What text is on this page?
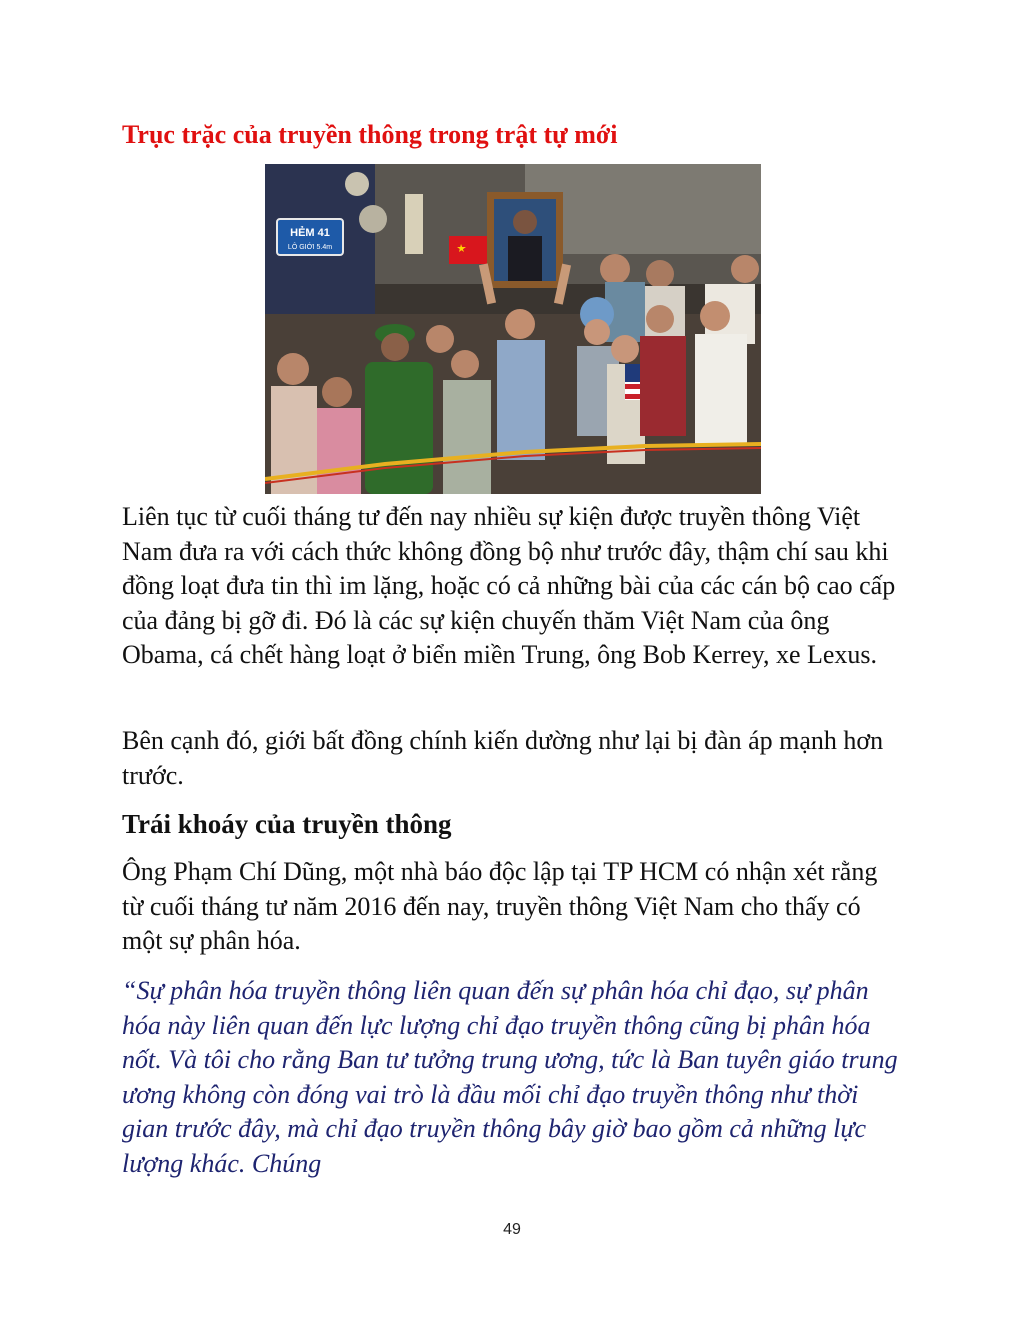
Trục trặc của truyền thông trong trật tự mới
HẺM 41
LÔ GIỚI 5.4m

Liên tục từ cuối tháng tư đến nay nhiều sự kiện được truyền thông Việt Nam đưa ra với cách thức không đồng bộ như trước đây, thậm chí sau khi đồng loạt đưa tin thì im lặng, hoặc có cả những bài của các cán bộ cao cấp của đảng bị gỡ đi. Đó là các sự kiện chuyến thăm Việt Nam của ông Obama, cá chết hàng loạt ở biển miền Trung, ông Bob Kerrey, xe Lexus.

Bên cạnh đó, giới bất đồng chính kiến dường như lại bị đàn áp mạnh hơn trước.

Trái khoáy của truyền thông

Ông Phạm Chí Dũng, một nhà báo độc lập tại TP HCM có nhận xét rằng từ cuối tháng tư năm 2016 đến nay, truyền thông Việt Nam cho thấy có một sự phân hóa.

“Sự phân hóa truyền thông liên quan đến sự phân hóa chỉ đạo, sự phân hóa này liên quan đến lực lượng chỉ đạo truyền thông cũng bị phân hóa nốt. Và tôi cho rằng Ban tư tưởng trung ương, tức là Ban tuyên giáo trung ương không còn đóng vai trò là đầu mối chỉ đạo truyền thông như thời gian trước đây, mà chỉ đạo truyền thông bây giờ bao gồm cả những lực lượng khác. Chúng

49
